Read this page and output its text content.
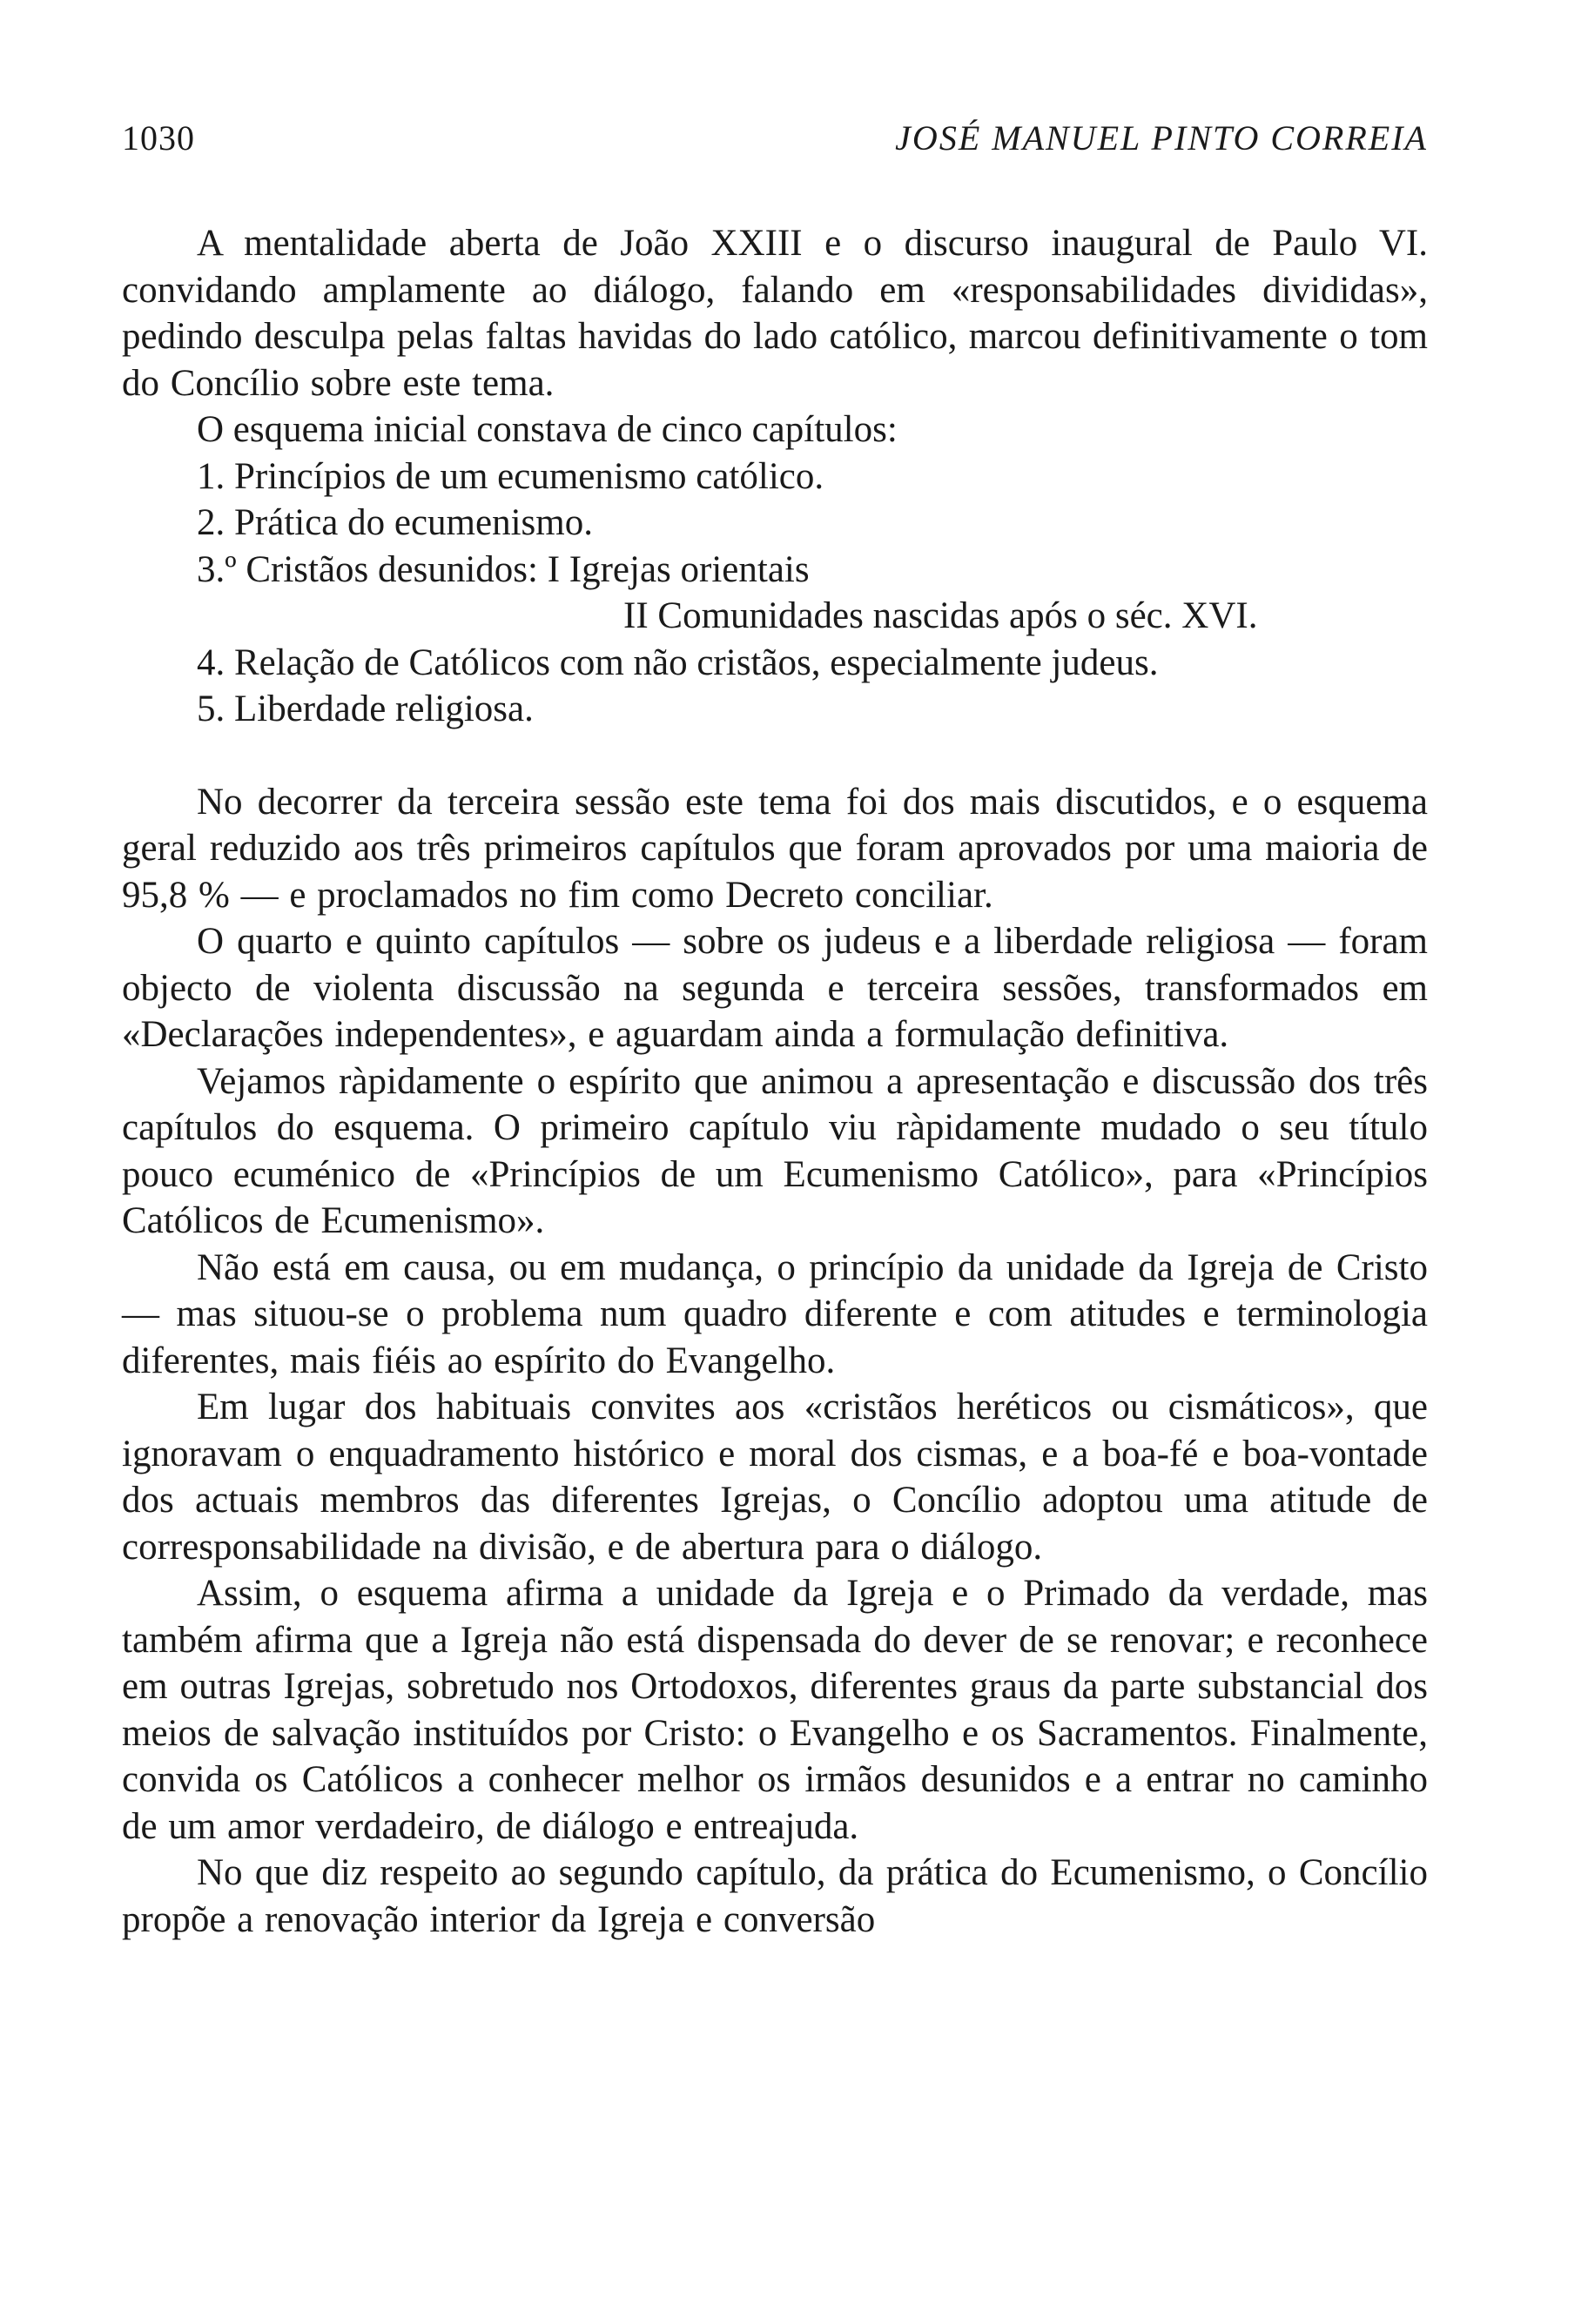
1030	JOSÉ MANUEL PINTO CORREIA

A mentalidade aberta de João XXIII e o discurso inaugural de Paulo VI. convidando amplamente ao diálogo, falando em «responsabilidades divididas», pedindo desculpa pelas faltas havidas do lado católico, marcou definitivamente o tom do Concílio sobre este tema.

O esquema inicial constava de cinco capítulos:

1. Princípios de um ecumenismo católico.

2. Prática do ecumenismo.

3.º Cristãos desunidos: I Igrejas orientais

II Comunidades nascidas após o séc. XVI.

4. Relação de Católicos com não cristãos, especialmente judeus.

5. Liberdade religiosa.

No decorrer da terceira sessão este tema foi dos mais discutidos, e o esquema geral reduzido aos três primeiros capítulos que foram aprovados por uma maioria de 95,8 % — e proclamados no fim como Decreto conciliar.

O quarto e quinto capítulos — sobre os judeus e a liberdade religiosa — foram objecto de violenta discussão na segunda e terceira sessões, transformados em «Declarações independentes», e aguardam ainda a formulação definitiva.

Vejamos ràpidamente o espírito que animou a apresentação e discussão dos três capítulos do esquema. O primeiro capítulo viu ràpidamente mudado o seu título pouco ecuménico de «Princípios de um Ecumenismo Católico», para «Princípios Católicos de Ecumenismo».

Não está em causa, ou em mudança, o princípio da unidade da Igreja de Cristo — mas situou-se o problema num quadro diferente e com atitudes e terminologia diferentes, mais fiéis ao espírito do Evangelho.

Em lugar dos habituais convites aos «cristãos heréticos ou cismáticos», que ignoravam o enquadramento histórico e moral dos cismas, e a boa-fé e boa-vontade dos actuais membros das diferentes Igrejas, o Concílio adoptou uma atitude de corresponsabilidade na divisão, e de abertura para o diálogo.

Assim, o esquema afirma a unidade da Igreja e o Primado da verdade, mas também afirma que a Igreja não está dispensada do dever de se renovar; e reconhece em outras Igrejas, sobretudo nos Ortodoxos, diferentes graus da parte substancial dos meios de salvação instituídos por Cristo: o Evangelho e os Sacramentos. Finalmente, convida os Católicos a conhecer melhor os irmãos desunidos e a entrar no caminho de um amor verdadeiro, de diálogo e entreajuda.

No que diz respeito ao segundo capítulo, da prática do Ecumenismo, o Concílio propõe a renovação interior da Igreja e conversão
